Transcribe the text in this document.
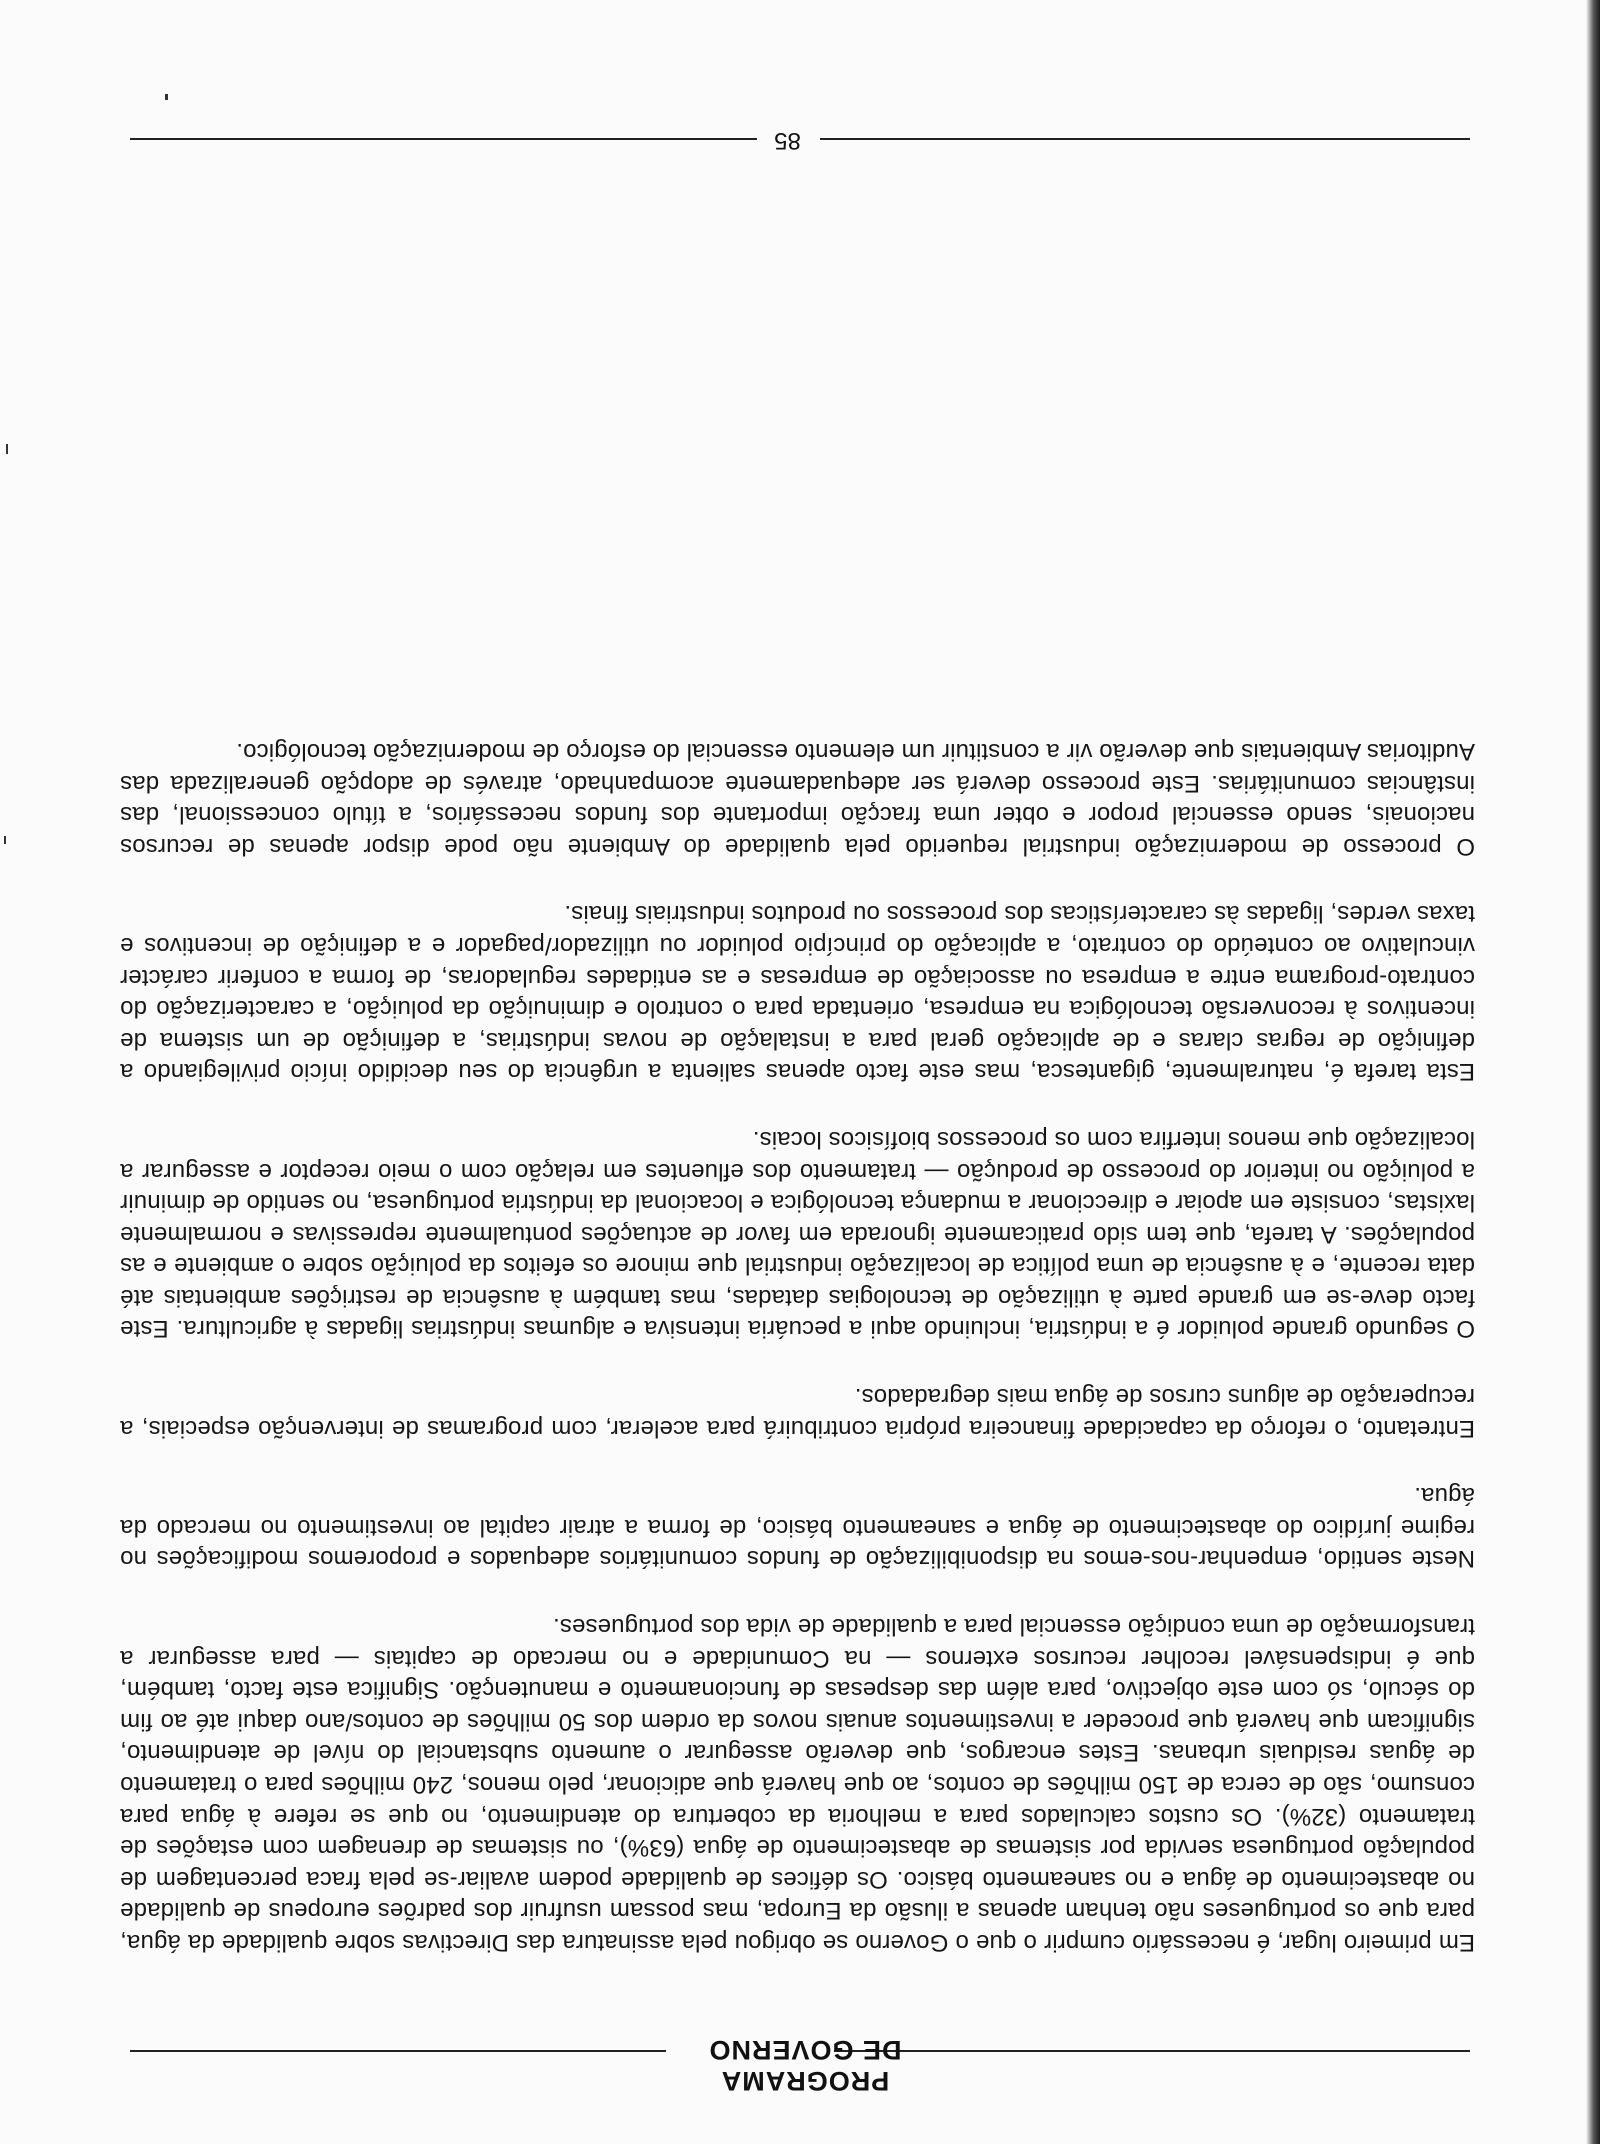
PROGRAMA DE GOVERNO

Em primeiro lugar, é necessário cumprir o que o Governo se obrigou pela assinatura das Directivas sobre qualidade da água, para que os portugueses não tenham apenas a ilusão da Europa, mas possam usufruir dos padrões europeus de qualidade no abastecimento de água e no saneamento básico. Os défices de qualidade podem avaliar-se pela fraca percentagem de população portuguesa servida por sistemas de abastecimento de água (63%), ou sistemas de drenagem com estações de tratamento (32%). Os custos calculados para a melhoria da cobertura do atendimento, no que se refere à água para consumo, são de cerca de 150 milhões de contos, ao que haverá que adicionar, pelo menos, 240 milhões para o tratamento de águas residuais urbanas. Estes encargos, que deverão assegurar o aumento substancial do nível de atendimento, significam que haverá que proceder a investimentos anuais novos da ordem dos 50 milhões de contos/ano daqui até ao fim do século, só com este objectivo, para além das despesas de funcionamento e manutenção. Significa este facto, também, que é indispensável recolher recursos externos — na Comunidade e no mercado de capitais — para assegurar a transformação de uma condição essencial para a qualidade de vida dos portugueses.

Neste sentido, empenhar-nos-emos na disponibilização de fundos comunitários adequados e proporemos modificações no regime jurídico do abastecimento de água e saneamento básico, de forma a atrair capital ao investimento no mercado da água.

Entretanto, o reforço da capacidade financeira própria contribuirá para acelerar, com programas de intervenção especiais, a recuperação de alguns cursos de água mais degradados.

O segundo grande poluidor é a indústria, incluindo aqui a pecuária intensiva e algumas indústrias ligadas à agricultura. Este facto deve-se em grande parte à utilização de tecnologias datadas, mas também à ausência de restrições ambientais até data recente, e à ausência de uma política de localização industrial que minore os efeitos da poluição sobre o ambiente e as populações. A tarefa, que tem sido praticamente ignorada em favor de actuações pontualmente repressivas e normalmente laxistas, consiste em apoiar e direccionar a mudança tecnológica e locacional da indústria portuguesa, no sentido de diminuir a poluição no interior do processo de produção — tratamento dos efluentes em relação com o meio receptor e assegurar a localização que menos interfira com os processos biofísicos locais.

Esta tarefa é, naturalmente, gigantesca, mas este facto apenas salienta a urgência do seu decidido início privilegiando a definição de regras claras e de aplicação geral para a instalação de novas indústrias, a definição de um sistema de incentivos à reconversão tecnológica na empresa, orientada para o controlo e diminuição da poluição, a caracterização do contrato-programa entre a empresa ou associação de empresas e as entidades reguladoras, de forma a conferir carácter vinculativo ao conteúdo do contrato, a aplicação do princípio poluidor ou utilizador/pagador e a definição de incentivos e taxas verdes, ligadas às características dos processos ou produtos industriais finais.

O processo de modernização industrial requerido pela qualidade do Ambiente não pode dispor apenas de recursos nacionais, sendo essencial propor e obter uma fracção importante dos fundos necessários, a título concessional, das instâncias comunitárias. Este processo deverá ser adequadamente acompanhado, através de adopção generalizada das Auditorias Ambientais que deverão vir a constituir um elemento essencial do esforço de modernização tecnológico.

85
